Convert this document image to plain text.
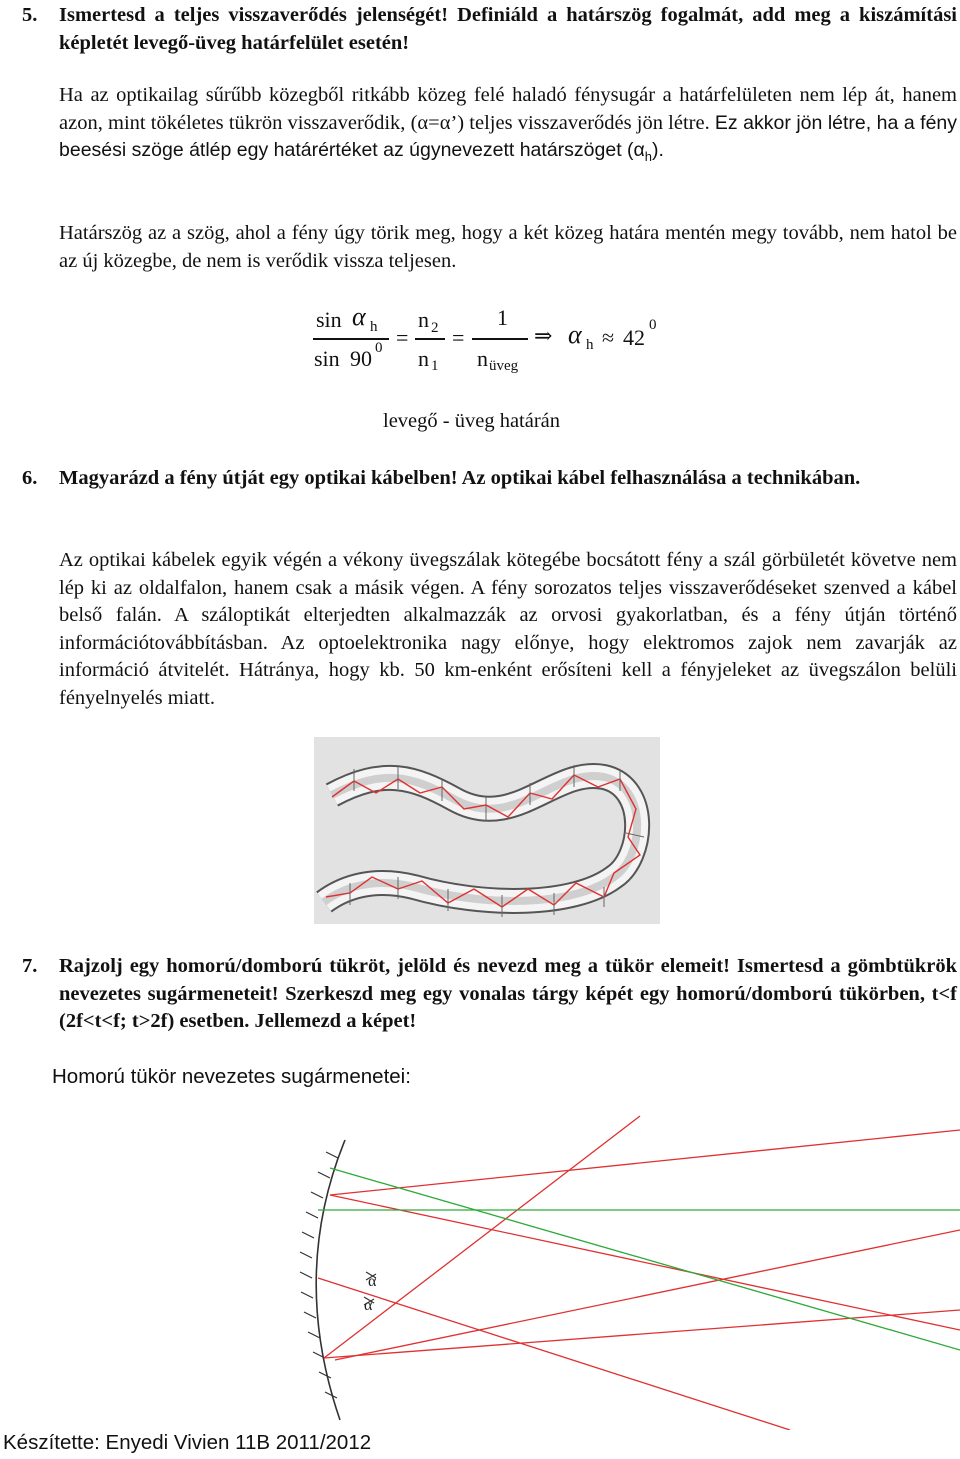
5. Ismertesd a teljes visszaverődés jelenségét! Definiáld a határszög fogalmát, add meg a kiszámítási képletét levegő-üveg határfelület esetén!
Ha az optikailag sűrűbb közegből ritkább közeg felé haladó fénysugár a határfelületen nem lép át, hanem azon, mint tökéletes tükrön visszaverődik, (α=α’) teljes visszaverődés jön létre. Ez akkor jön létre, ha a fény beesési szöge átlép egy határértéket az úgynevezett határszöget $(\alpha_h)$.
Határszög az a szög, ahol a fény úgy törik meg, hogy a két közeg határa mentén megy tovább, nem hatol be az új közegbe, de nem is verődik vissza teljesen.
sin α h
sin 90 0 =
n 2
n 1
=
1
n üveg
⇒ α h ≈ 42 0
levegő - üveg határán
6. Magyarázd a fény útját egy optikai kábelben! Az optikai kábel felhasználása a technikában.
Az optikai kábelek egyik végén a vékony üvegszálak kötegébe bocsátott fény a szál görbületét követve nem lép ki az oldalfalon, hanem csak a másik végen. A fény sorozatos teljes visszaverődéseket szenved a kábel belső falán. A száloptikát elterjedten alkalmazzák az orvosi gyakorlatban, és a fény útján történő információtovábbításban. Az optoelektronika nagy előnye, hogy elektromos zajok nem zavarják az információ átvitelét. Hátránya, hogy kb. 50 km-enként erősíteni kell a fényjeleket az üvegszálon belüli fényelnyelés miatt.
7. Rajzolj egy homorú/domború tükröt, jelöld és nevezd meg a tükör elemeit! Ismertesd a gömbtükrök nevezetes sugármeneteit! Szerkeszd meg egy vonalas tárgy képét egy homorú/domború tükörben, t<f (2f<t<f; t>2f) esetben. Jellemezd a képet!
Homorú tükör nevezetes sugármenetei:
α
α
Készítette: Enyedi Vivien 11B 2011/2012
